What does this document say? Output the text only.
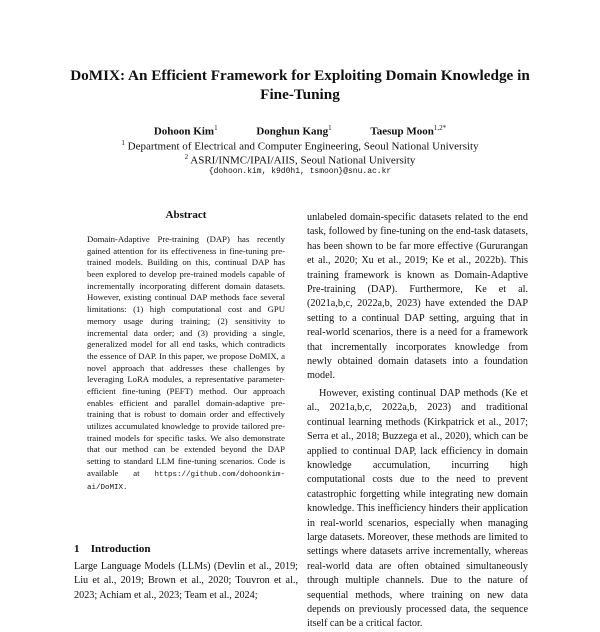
DoMIX: An Efficient Framework for Exploiting Domain Knowledge in Fine-Tuning
Dohoon Kim$^1$	Donghun Kang$^1$	Taesup Moon$^{1,2*}$
$^1$ Department of Electrical and Computer Engineering, Seoul National University
$^2$ ASRI/INMC/IPAI/AIIS, Seoul National University
{dohoon.kim, k9d0h1, tsmoon}@snu.ac.kr
Abstract

Domain-Adaptive Pre-training (DAP) has recently gained attention for its effectiveness in fine-tuning pre-trained models. Building on this, continual DAP has been explored to develop pre-trained models capable of incrementally incorporating different domain datasets. However, existing continual DAP methods face several limitations: (1) high computational cost and GPU memory usage during training; (2) sensitivity to incremental data order; and (3) providing a single, generalized model for all end tasks, which contradicts the essence of DAP. In this paper, we propose DoMIX, a novel approach that addresses these challenges by leveraging LoRA modules, a representative parameter-efficient fine-tuning (PEFT) method. Our approach enables efficient and parallel domain-adaptive pre-training that is robust to domain order and effectively utilizes accumulated knowledge to provide tailored pre-trained models for specific tasks. We also demonstrate that our method can be extended beyond the DAP setting to standard LLM fine-tuning scenarios. Code is available at https://github.com/dohoonkim-ai/DoMIX.

1 Introduction
Large Language Models (LLMs) (Devlin et al., 2019; Liu et al., 2019; Brown et al., 2020; Touvron et al., 2023; Achiam et al., 2023; Team et al., 2024;

unlabeled domain-specific datasets related to the end task, followed by fine-tuning on the end-task datasets, has been shown to be far more effective (Gururangan et al., 2020; Xu et al., 2019; Ke et al., 2022b). This training framework is known as Domain-Adaptive Pre-training (DAP). Furthermore, Ke et al. (2021a,b,c, 2022a,b, 2023) have extended the DAP setting to a continual DAP setting, arguing that in real-world scenarios, there is a need for a framework that incrementally incorporates knowledge from newly obtained domain datasets into a foundation model.

However, existing continual DAP methods (Ke et al., 2021a,b,c, 2022a,b, 2023) and traditional continual learning methods (Kirkpatrick et al., 2017; Serra et al., 2018; Buzzega et al., 2020), which can be applied to continual DAP, lack efficiency in domain knowledge accumulation, incurring high computational costs due to the need to prevent catastrophic forgetting while integrating new domain knowledge. This inefficiency hinders their application in real-world scenarios, especially when managing large datasets. Moreover, these methods are limited to settings where datasets arrive incrementally, whereas real-world data are often obtained simultaneously through multiple channels. Due to the nature of sequential methods, where training on new data depends on previously processed data, the sequence itself can be a critical factor.
